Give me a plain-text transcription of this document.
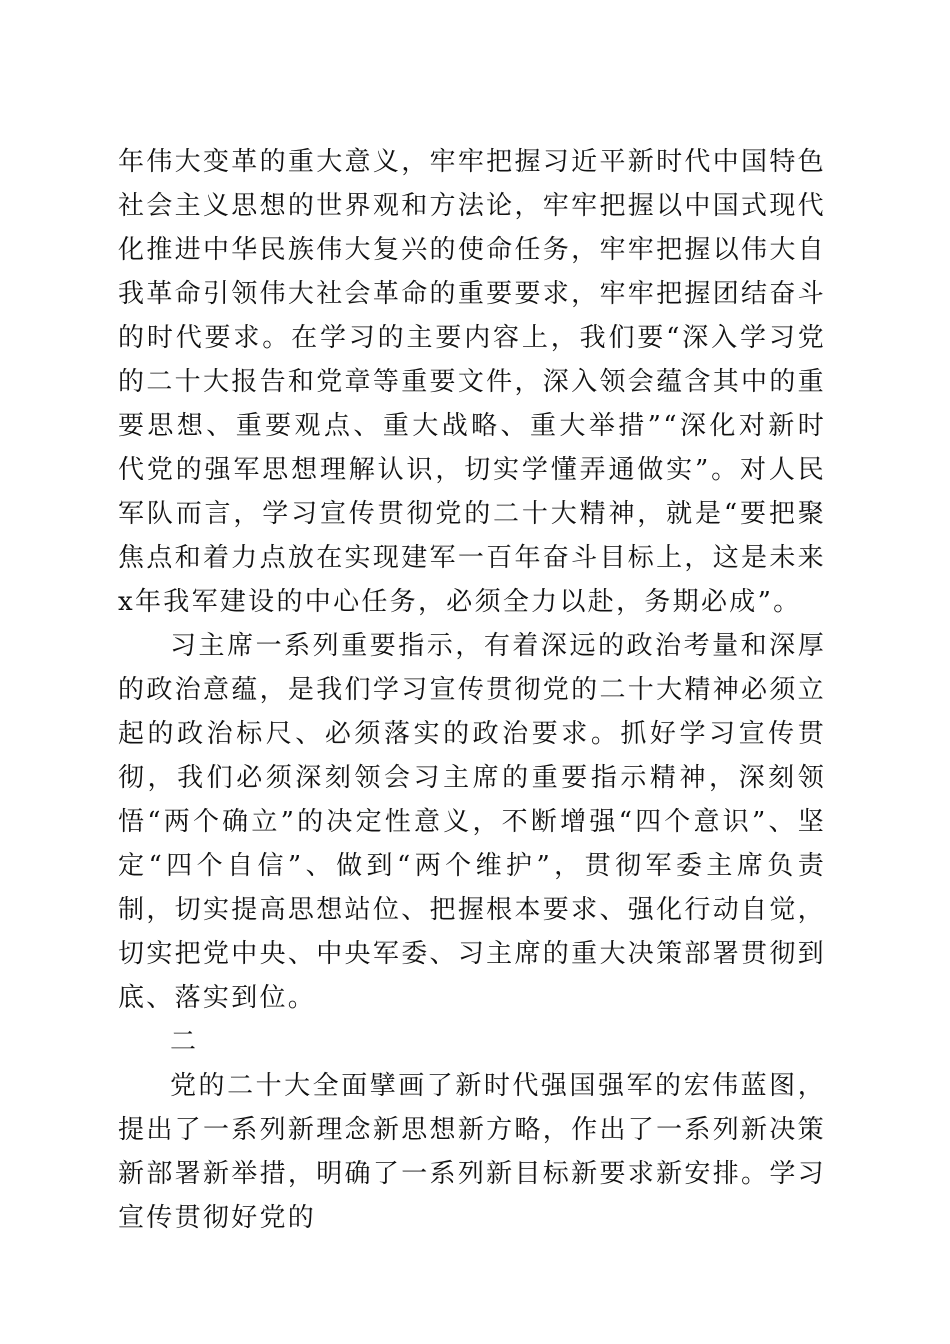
年伟大变革的重大意义，牢牢把握习近平新时代中国特色社会主义思想的世界观和方法论，牢牢把握以中国式现代化推进中华民族伟大复兴的使命任务，牢牢把握以伟大自我革命引领伟大社会革命的重要要求，牢牢把握团结奋斗的时代要求。在学习的主要内容上，我们要“深入学习党的二十大报告和党章等重要文件，深入领会蕴含其中的重要思想、重要观点、重大战略、重大举措”“深化对新时代党的强军思想理解认识，切实学懂弄通做实”。对人民军队而言，学习宣传贯彻党的二十大精神，就是“要把聚焦点和着力点放在实现建军一百年奋斗目标上，这是未来x年我军建设的中心任务，必须全力以赴，务期必成”。

习主席一系列重要指示，有着深远的政治考量和深厚的政治意蕴，是我们学习宣传贯彻党的二十大精神必须立起的政治标尺、必须落实的政治要求。抓好学习宣传贯彻，我们必须深刻领会习主席的重要指示精神，深刻领悟“两个确立”的决定性意义，不断增强“四个意识”、坚定“四个自信”、做到“两个维护”，贯彻军委主席负责制，切实提高思想站位、把握根本要求、强化行动自觉，切实把党中央、中央军委、习主席的重大决策部署贯彻到底、落实到位。

二

党的二十大全面擘画了新时代强国强军的宏伟蓝图，提出了一系列新理念新思想新方略，作出了一系列新决策新部署新举措，明确了一系列新目标新要求新安排。学习宣传贯彻好党的
